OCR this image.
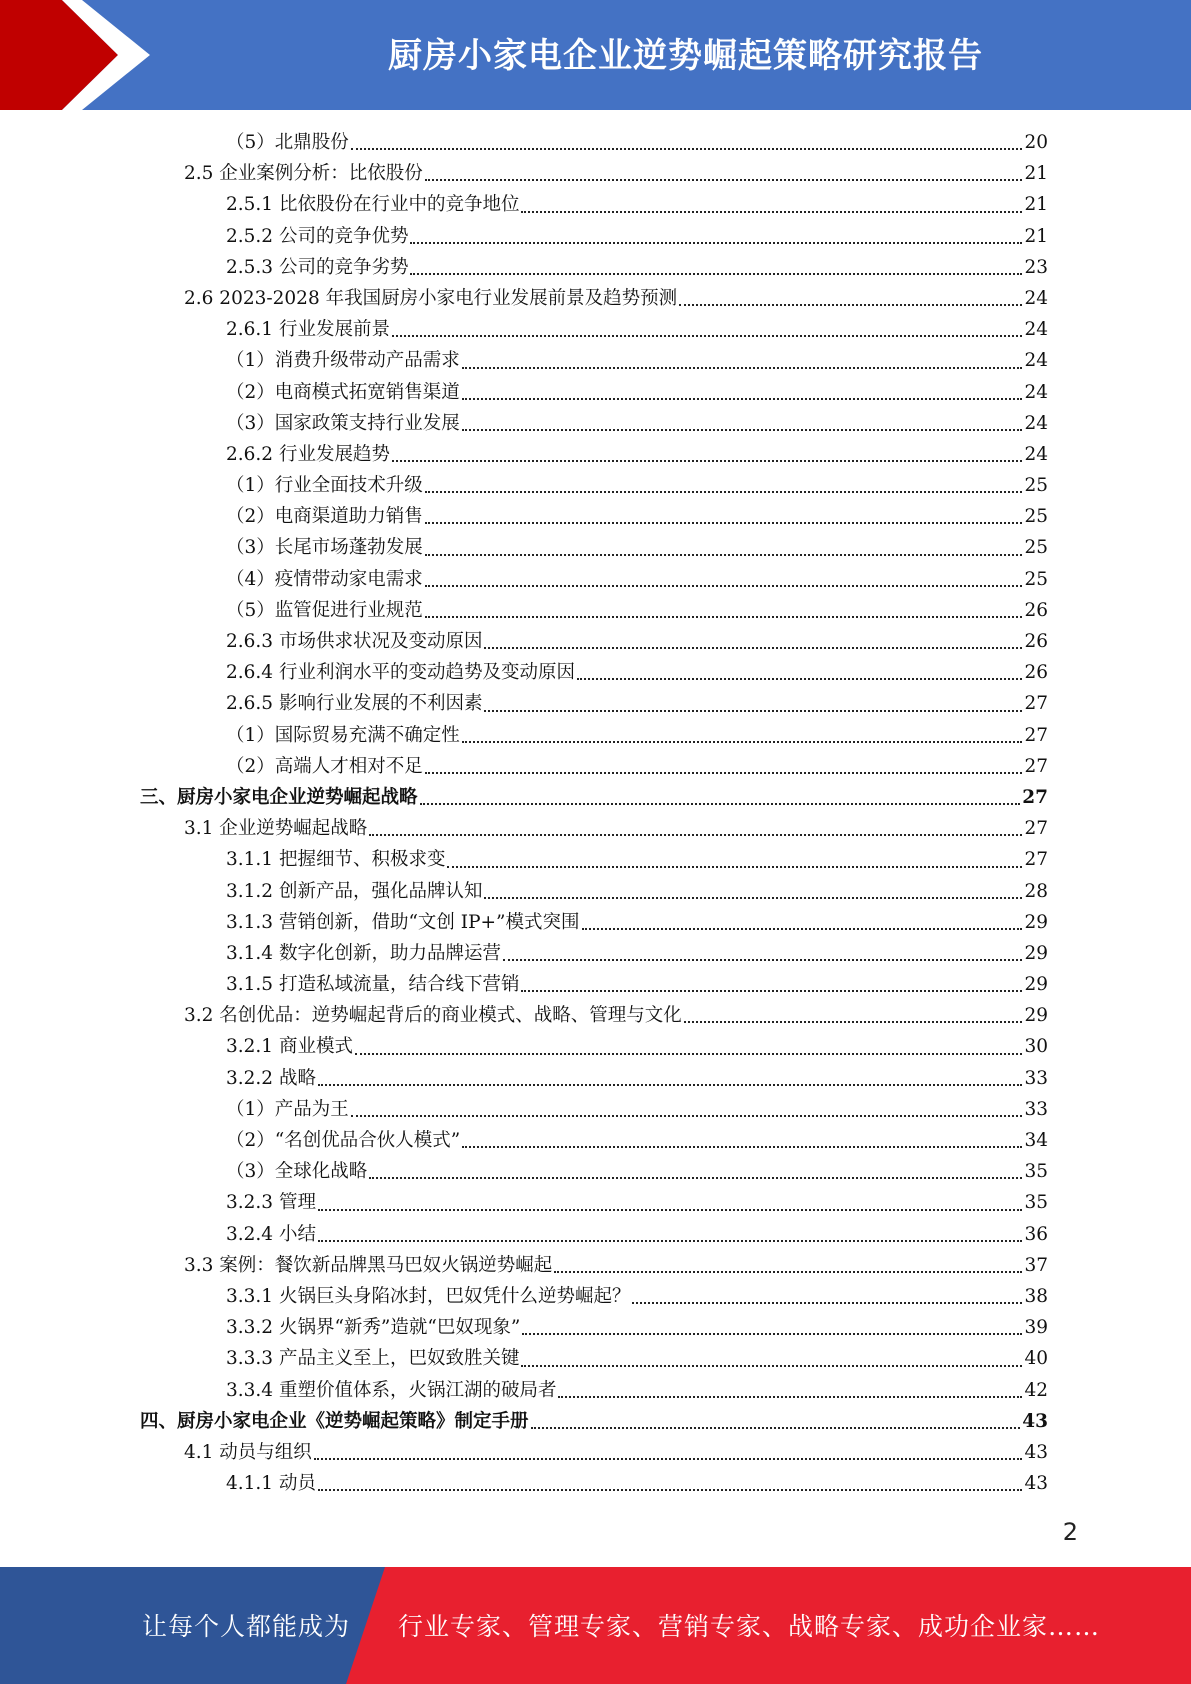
厨房小家电企业逆势崛起策略研究报告
（5）北鼎股份	20
2.5 企业案例分析：比依股份	21
2.5.1 比依股份在行业中的竞争地位	21
2.5.2 公司的竞争优势	21
2.5.3 公司的竞争劣势	23
2.6 2023-2028 年我国厨房小家电行业发展前景及趋势预测	24
2.6.1 行业发展前景	24
（1）消费升级带动产品需求	24
（2）电商模式拓宽销售渠道	24
（3）国家政策支持行业发展	24
2.6.2 行业发展趋势	24
（1）行业全面技术升级	25
（2）电商渠道助力销售	25
（3）长尾市场蓬勃发展	25
（4）疫情带动家电需求	25
（5）监管促进行业规范	26
2.6.3 市场供求状况及变动原因	26
2.6.4 行业利润水平的变动趋势及变动原因	26
2.6.5 影响行业发展的不利因素	27
（1）国际贸易充满不确定性	27
（2）高端人才相对不足	27
三、厨房小家电企业逆势崛起战略	27
3.1 企业逆势崛起战略	27
3.1.1 把握细节、积极求变	27
3.1.2 创新产品，强化品牌认知	28
3.1.3 营销创新，借助“文创 IP+”模式突围	29
3.1.4 数字化创新，助力品牌运营	29
3.1.5 打造私域流量，结合线下营销	29
3.2 名创优品：逆势崛起背后的商业模式、战略、管理与文化	29
3.2.1 商业模式	30
3.2.2 战略	33
（1）产品为王	33
（2）“名创优品合伙人模式”	34
（3）全球化战略	35
3.2.3 管理	35
3.2.4 小结	36
3.3 案例：餐饮新品牌黑马巴奴火锅逆势崛起	37
3.3.1 火锅巨头身陷冰封，巴奴凭什么逆势崛起？	38
3.3.2 火锅界“新秀”造就“巴奴现象”	39
3.3.3 产品主义至上，巴奴致胜关键	40
3.3.4 重塑价值体系，火锅江湖的破局者	42
四、厨房小家电企业《逆势崛起策略》制定手册	43
4.1 动员与组织	43
4.1.1 动员	43
2
让每个人都能成为 行业专家、管理专家、营销专家、战略专家、成功企业家……
